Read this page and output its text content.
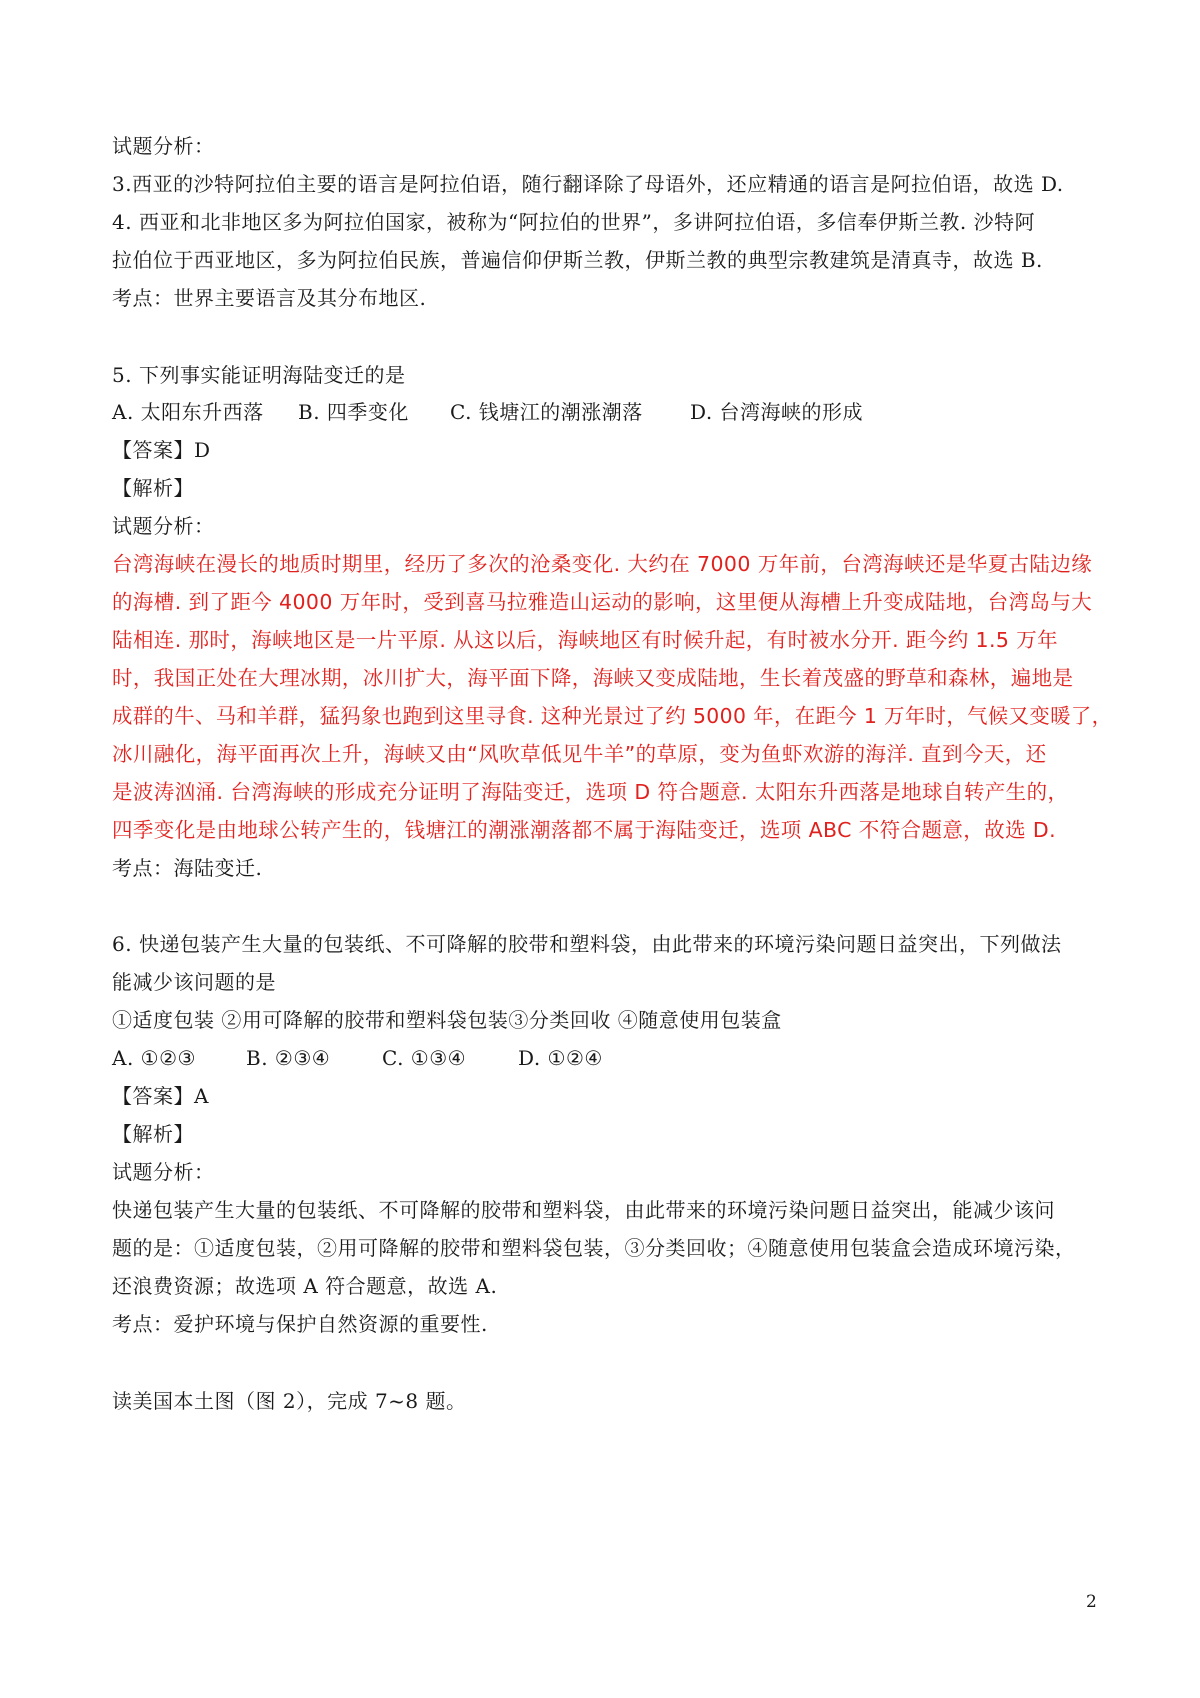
试题分析：
3.西亚的沙特阿拉伯主要的语言是阿拉伯语，随行翻译除了母语外，还应精通的语言是阿拉伯语，故选 D.
4. 西亚和北非地区多为阿拉伯国家，被称为“阿拉伯的世界”，多讲阿拉伯语，多信奉伊斯兰教. 沙特阿
拉伯位于西亚地区，多为阿拉伯民族，普遍信仰伊斯兰教，伊斯兰教的典型宗教建筑是清真寺，故选 B.
考点：世界主要语言及其分布地区.
5. 下列事实能证明海陆变迁的是
A. 太阳东升西落 B. 四季变化 C. 钱塘江的潮涨潮落 D. 台湾海峡的形成
【答案】D
【解析】
试题分析：
台湾海峡在漫长的地质时期里，经历了多次的沧桑变化. 大约在 7000 万年前，台湾海峡还是华夏古陆边缘
的海槽. 到了距今 4000 万年时，受到喜马拉雅造山运动的影响，这里便从海槽上升变成陆地，台湾岛与大
陆相连. 那时，海峡地区是一片平原. 从这以后，海峡地区有时候升起，有时被水分开. 距今约 1.5 万年
时，我国正处在大理冰期，冰川扩大，海平面下降，海峡又变成陆地，生长着茂盛的野草和森林，遍地是
成群的牛、马和羊群，猛犸象也跑到这里寻食. 这种光景过了约 5000 年，在距今 1 万年时，气候又变暖了，
冰川融化，海平面再次上升，海峡又由“风吹草低见牛羊”的草原，变为鱼虾欢游的海洋. 直到今天，还
是波涛汹涌. 台湾海峡的形成充分证明了海陆变迁，选项 D 符合题意. 太阳东升西落是地球自转产生的，
四季变化是由地球公转产生的，钱塘江的潮涨潮落都不属于海陆变迁，选项 ABC 不符合题意，故选 D.
考点：海陆变迁.
6. 快递包装产生大量的包装纸、不可降解的胶带和塑料袋，由此带来的环境污染问题日益突出，下列做法
能减少该问题的是
①适度包装 ②用可降解的胶带和塑料袋包装③分类回收 ④随意使用包装盒
A. ①②③	B. ②③④	C. ①③④	D. ①②④
【答案】A
【解析】
试题分析：
快递包装产生大量的包装纸、不可降解的胶带和塑料袋，由此带来的环境污染问题日益突出，能减少该问
题的是：①适度包装，②用可降解的胶带和塑料袋包装，③分类回收；④随意使用包装盒会造成环境污染，
还浪费资源；故选项 A 符合题意，故选 A.
考点：爱护环境与保护自然资源的重要性.
读美国本土图（图 2），完成 7~8 题。
2
